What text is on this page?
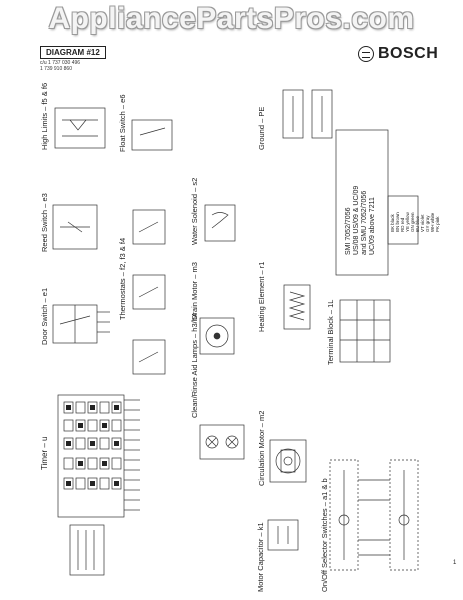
AppliancePartsPros.com
DIAGRAM #12
c/u 1 737 030 496
1 739 910 860
BOSCH
Timer – u
Door Switch – e1
Reed Switch – e3
High Limits – f5 & f6	Float Switch – e6
Thermostats – f2, f3 & f4	Drain Motor – m3
Water Solenoid – s2
Clean/Rinse Aid Lamps – h3/h4
Circulation Motor – m2
Heating Element – r1
Ground – PE
Terminal Block – 1L
Motor Capacitor – k1	On/Off Selector Switches – a1 & b
SMI 7052/7056 US/08 US/09 & UC/09 and SMU 7052/7056 UC/09 above 7211	BK black
BN brown
RD red
YE yellow
GN green
BU blue
VT violet
GY gray
WH white
PK pink
1
